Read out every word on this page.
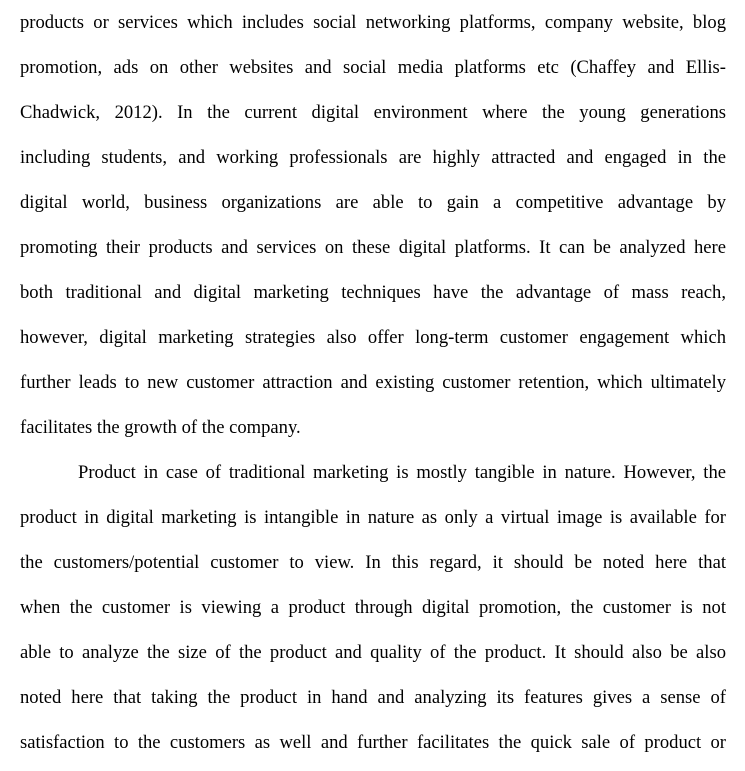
products or services which includes social networking platforms, company website, blog
promotion, ads on other websites and social media platforms etc (Chaffey and Ellis-
Chadwick, 2012). In the current digital environment where the young generations
including students, and working professionals are highly attracted and engaged in the
digital world, business organizations are able to gain a competitive advantage by
promoting their products and services on these digital platforms. It can be analyzed here
both traditional and digital marketing techniques have the advantage of mass reach,
however, digital marketing strategies also offer long-term customer engagement which
further leads to new customer attraction and existing customer retention, which ultimately
facilitates the growth of the company.
Product in case of traditional marketing is mostly tangible in nature. However, the
product in digital marketing is intangible in nature as only a virtual image is available for
the customers/potential customer to view. In this regard, it should be noted here that
when the customer is viewing a product through digital promotion, the customer is not
able to analyze the size of the product and quality of the product. It should also be also
noted here that taking the product in hand and analyzing its features gives a sense of
satisfaction to the customers as well and further facilitates the quick sale of product or
